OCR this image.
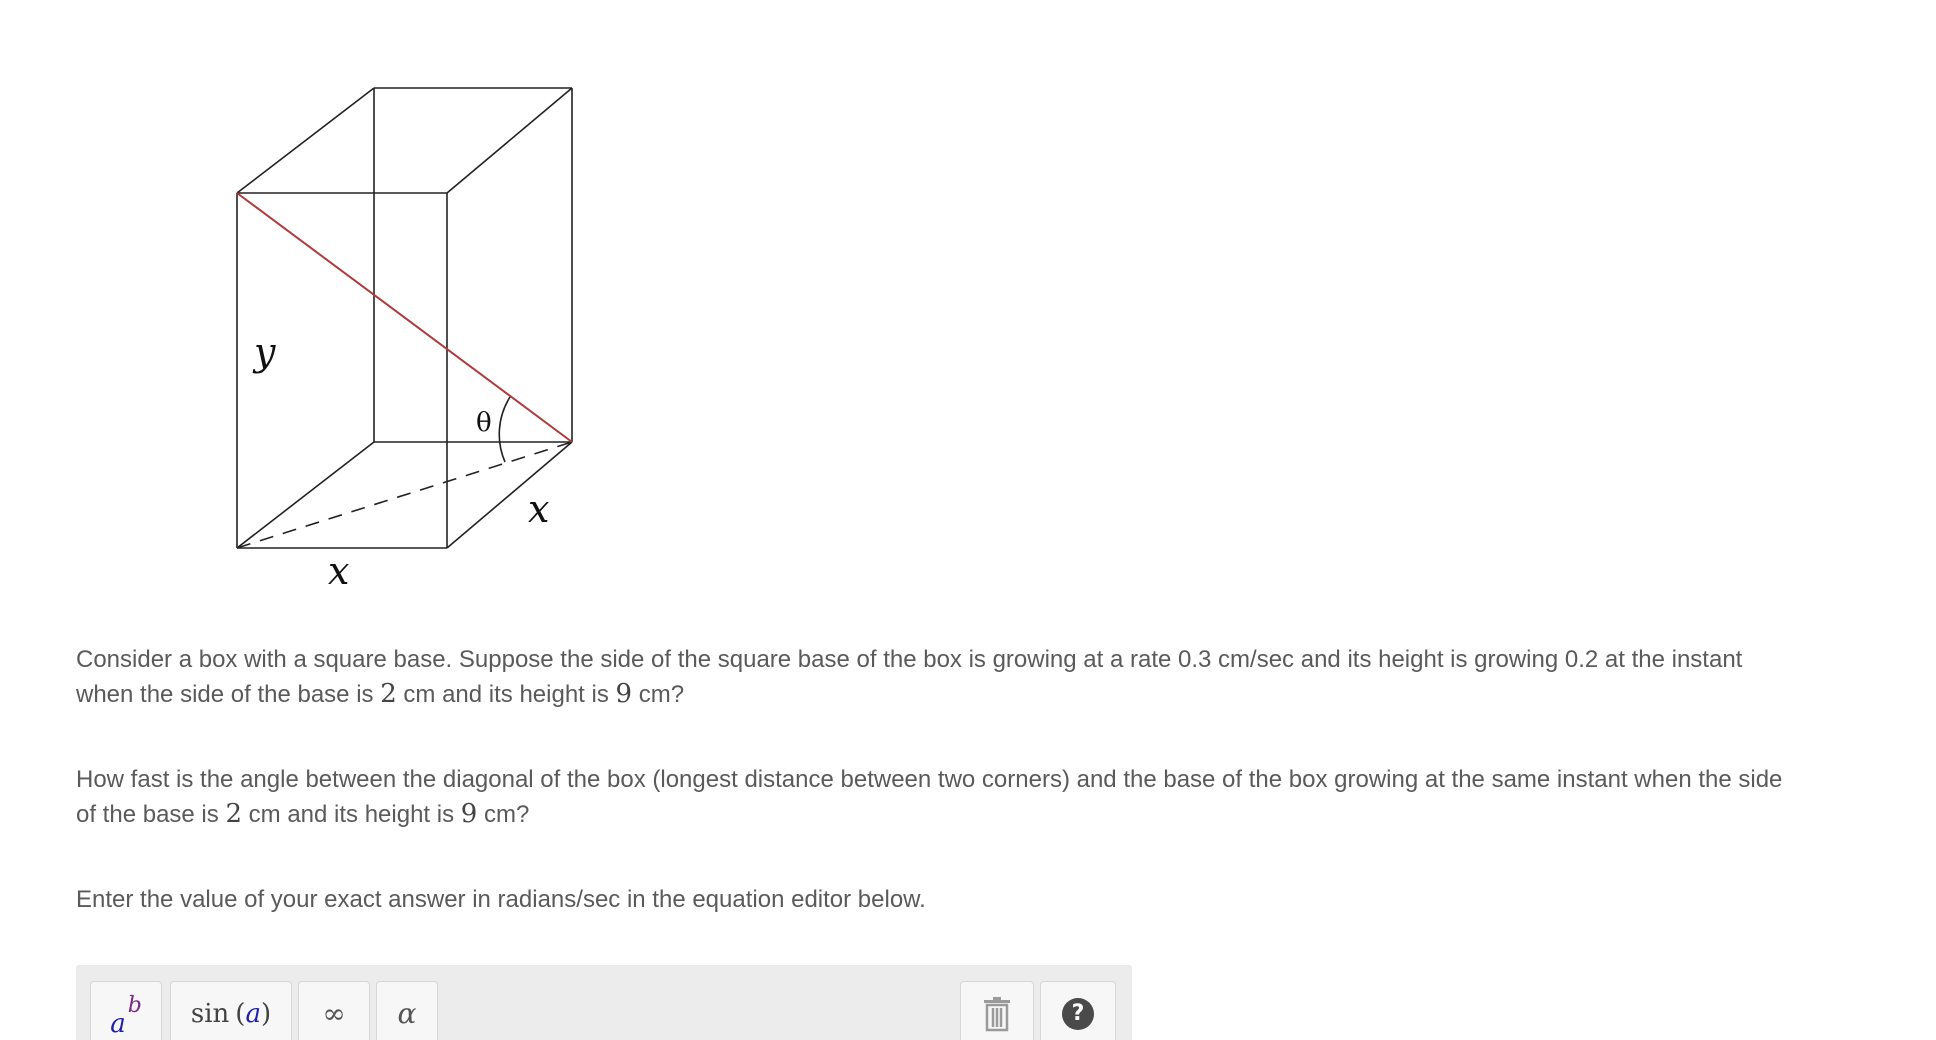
y
θ
x
x
Consider a box with a square base. Suppose the side of the square base of the box is growing at a rate 0.3 cm/sec and its height is growing 0.2 at the instant when the side of the base is 2 cm and its height is 9 cm?
How fast is the angle between the diagonal of the box (longest distance between two corners) and the base of the box growing at the same instant when the side of the base is 2 cm and its height is 9 cm?
Enter the value of your exact answer in radians/sec in the equation editor below.
a
b sin ( a ) ∞ α	?
